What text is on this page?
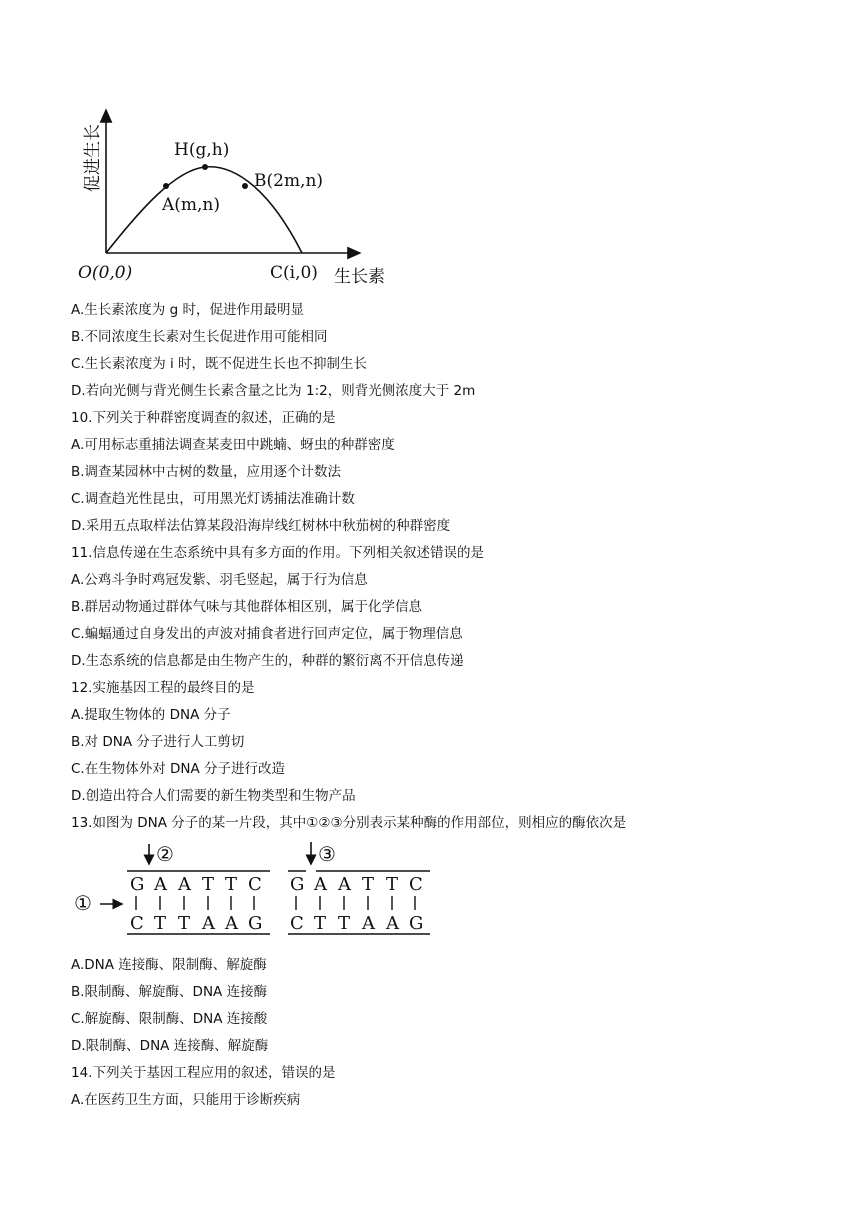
促进生长	H(g,h)
A(m,n)
B(2m,n)
O(0,0)	C(i,0) 生长素
A.生长素浓度为 g 时，促进作用最明显
B.不同浓度生长素对生长促进作用可能相同
C.生长素浓度为 i 时，既不促进生长也不抑制生长
D.若向光侧与背光侧生长素含量之比为 1:2，则背光侧浓度大于 2m
10.下列关于种群密度调查的叙述，正确的是
A.可用标志重捕法调查某麦田中跳蝻、蚜虫的种群密度
B.调查某园林中古树的数量，应用逐个计数法
C.调查趋光性昆虫，可用黑光灯诱捕法准确计数
D.采用五点取样法估算某段沿海岸线红树林中秋茄树的种群密度
11.信息传递在生态系统中具有多方面的作用。下列相关叙述错误的是
A.公鸡斗争时鸡冠发紫、羽毛竖起，属于行为信息
B.群居动物通过群体气味与其他群体相区别，属于化学信息
C.蝙蝠通过自身发出的声波对捕食者进行回声定位，属于物理信息
D.生态系统的信息都是由生物产生的，种群的繁衍离不开信息传递
12.实施基因工程的最终目的是
A.提取生物体的 DNA 分子
B.对 DNA 分子进行人工剪切
C.在生物体外对 DNA 分子进行改造
D.创造出符合人们需要的新生物类型和生物产品
13.如图为 DNA 分子的某一片段，其中①②③分别表示某种酶的作用部位，则相应的酶依次是
①
②
G A A T T C
C T T A A G
③
G A A T T C
C T T A A G
A.DNA 连接酶、限制酶、解旋酶
B.限制酶、解旋酶、DNA 连接酶
C.解旋酶、限制酶、DNA 连接酸
D.限制酶、DNA 连接酶、解旋酶
14.下列关于基因工程应用的叙述，错误的是
A.在医药卫生方面，只能用于诊断疾病
